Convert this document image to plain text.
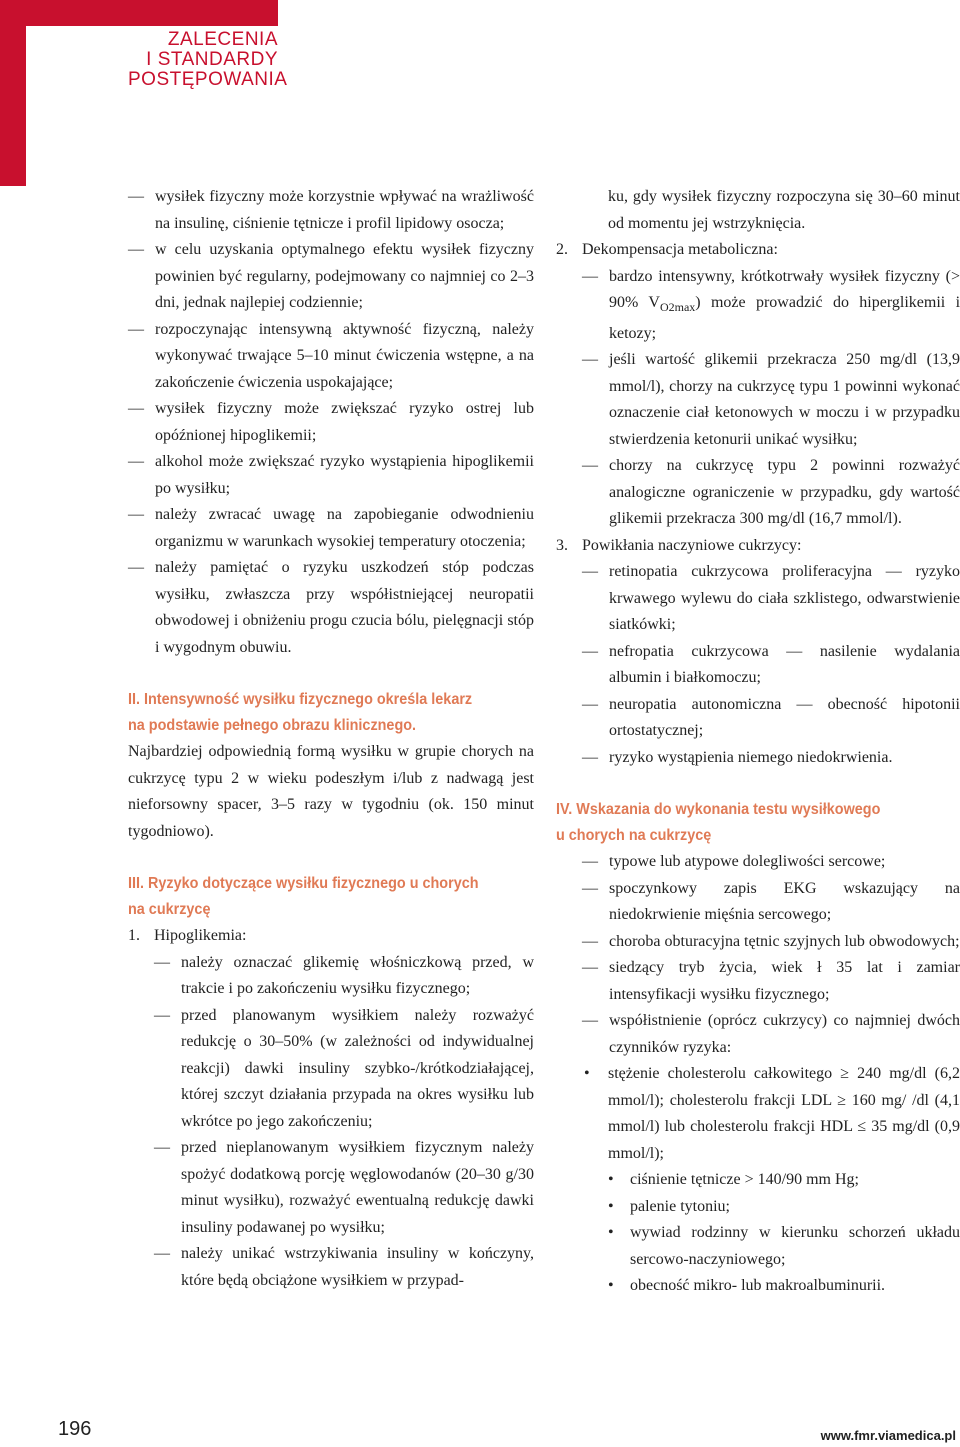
ZALECENIA
I STANDARDY
POSTĘPOWANIA
— wysiłek fizyczny może korzystnie wpływać na wrażliwość na insulinę, ciśnienie tętnicze i profil lipidowy osocza;
— w celu uzyskania optymalnego efektu wysiłek fizyczny powinien być regularny, podejmowany co najmniej co 2–3 dni, jednak najlepiej codziennie;
— rozpoczynając intensywną aktywność fizyczną, należy wykonywać trwające 5–10 minut ćwiczenia wstępne, a na zakończenie ćwiczenia uspokajające;
— wysiłek fizyczny może zwiększać ryzyko ostrej lub opóźnionej hipoglikemii;
— alkohol może zwiększać ryzyko wystąpienia hipoglikemii po wysiłku;
— należy zwracać uwagę na zapobieganie odwodnieniu organizmu w warunkach wysokiej temperatury otoczenia;
— należy pamiętać o ryzyku uszkodzeń stóp podczas wysiłku, zwłaszcza przy współistniejącej neuropatii obwodowej i obniżeniu progu czucia bólu, pielęgnacji stóp i wygodnym obuwiu.
II. Intensywność wysiłku fizycznego określa lekarz
na podstawie pełnego obrazu klinicznego.
Najbardziej odpowiednią formą wysiłku w grupie chorych na cukrzycę typu 2 w wieku podeszłym i/lub z nadwagą jest nieforsowny spacer, 3–5 razy w tygodniu (ok. 150 minut tygodniowo).
III. Ryzyko dotyczące wysiłku fizycznego u chorych
na cukrzycę
1. Hipoglikemia:
— należy oznaczać glikemię włośniczkową przed, w trakcie i po zakończeniu wysiłku fizycznego;
— przed planowanym wysiłkiem należy rozważyć redukcję o 30–50% (w zależności od indywidualnej reakcji) dawki insuliny szybko-/krótkodziałającej, której szczyt działania przypada na okres wysiłku lub wkrótce po jego zakończeniu;
— przed nieplanowanym wysiłkiem fizycznym należy spożyć dodatkową porcję węglowodanów (20–30 g/30 minut wysiłku), rozważyć ewentualną redukcję dawki insuliny podawanej po wysiłku;
— należy unikać wstrzykiwania insuliny w kończyny, które będą obciążone wysiłkiem w przypad-
ku, gdy wysiłek fizyczny rozpoczyna się 30–60 minut od momentu jej wstrzyknięcia.
2. Dekompensacja metaboliczna:
— bardzo intensywny, krótkotrwały wysiłek fizyczny (> 90% $V_{O2max}$) może prowadzić do hiperglikemii i ketozy;
— jeśli wartość glikemii przekracza 250 mg/dl (13,9 mmol/l), chorzy na cukrzycę typu 1 powinni wykonać oznaczenie ciał ketonowych w moczu i w przypadku stwierdzenia ketonurii unikać wysiłku;
— chorzy na cukrzycę typu 2 powinni rozważyć analogiczne ograniczenie w przypadku, gdy wartość glikemii przekracza 300 mg/dl (16,7 mmol/l).
3. Powikłania naczyniowe cukrzycy:
— retinopatia cukrzycowa proliferacyjna — ryzyko krwawego wylewu do ciała szklistego, odwarstwienie siatkówki;
— nefropatia cukrzycowa — nasilenie wydalania albumin i białkomoczu;
— neuropatia autonomiczna — obecność hipotonii ortostatycznej;
— ryzyko wystąpienia niemego niedokrwienia.
IV. Wskazania do wykonania testu wysiłkowego
u chorych na cukrzycę
— typowe lub atypowe dolegliwości sercowe;
— spoczynkowy zapis EKG wskazujący na niedokrwienie mięśnia sercowego;
— choroba obturacyjna tętnic szyjnych lub obwodowych;
— siedzący tryb życia, wiek ł 35 lat i zamiar intensyfikacji wysiłku fizycznego;
— współistnienie (oprócz cukrzycy) co najmniej dwóch czynników ryzyka:
• stężenie cholesterolu całkowitego ≥ 240 mg/dl (6,2 mmol/l); cholesterolu frakcji LDL ≥ 160 mg/ /dl (4,1 mmol/l) lub cholesterolu frakcji HDL ≤ 35 mg/dl (0,9 mmol/l);
• ciśnienie tętnicze > 140/90 mm Hg;
• palenie tytoniu;
• wywiad rodzinny w kierunku schorzeń układu sercowo-naczyniowego;
• obecność mikro- lub makroalbuminurii.
196	www.fmr.viamedica.pl
